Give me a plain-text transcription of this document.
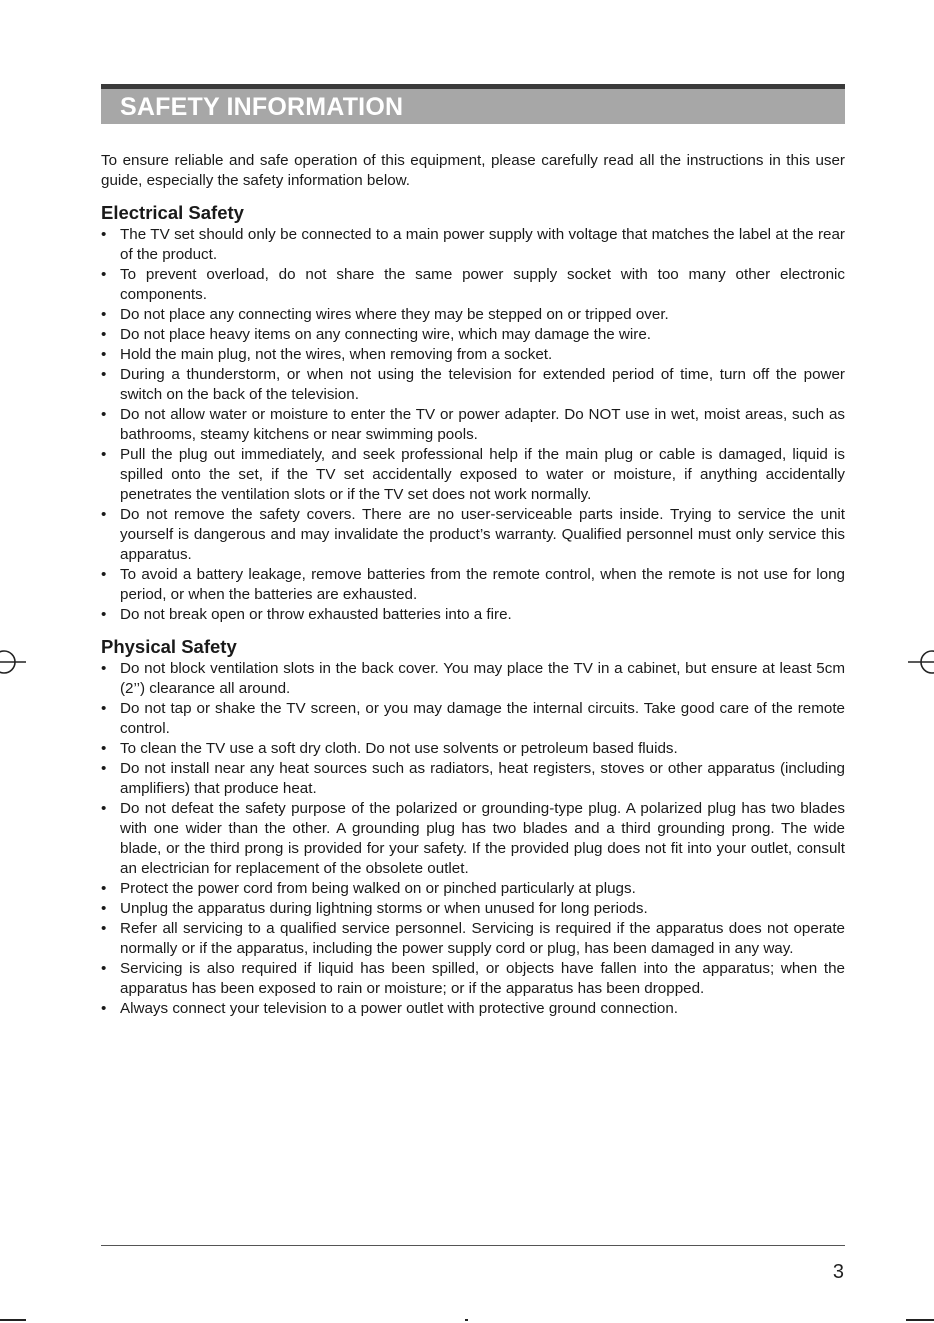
SAFETY INFORMATION

To ensure reliable and safe operation of this equipment, please carefully read all the instructions in this user guide, especially the safety information below.

Electrical Safety
• The TV set should only be connected to a main power supply with voltage that matches the label at the rear of the product.
• To prevent overload, do not share the same power supply socket with too many other electronic components.
• Do not place any connecting wires where they may be stepped on or tripped over.
• Do not place heavy items on any connecting wire, which may damage the wire.
• Hold the main plug, not the wires, when removing from a socket.
• During a thunderstorm, or when not using the television for extended period of time, turn off the power switch on the back of the television.
• Do not allow water or moisture to enter the TV or power adapter. Do NOT use in wet, moist areas, such as bathrooms, steamy kitchens or near swimming pools.
• Pull the plug out immediately, and seek professional help if the main plug or cable is damaged, liquid is spilled onto the set, if the TV set accidentally exposed to water or moisture, if anything accidentally penetrates the ventilation slots or if the TV set does not work normally.
• Do not remove the safety covers. There are no user-serviceable parts inside. Trying to service the unit yourself is dangerous and may invalidate the product’s warranty. Qualified personnel must only service this apparatus.
• To avoid a battery leakage, remove batteries from the remote control, when the remote is not use for long period, or when the batteries are exhausted.
• Do not break open or throw exhausted batteries into a fire.
Physical Safety
• Do not block ventilation slots in the back cover. You may place the TV in a cabinet, but ensure at least 5cm (2’’) clearance all around.
• Do not tap or shake the TV screen, or you may damage the internal circuits. Take good care of the remote control.
• To clean the TV use a soft dry cloth. Do not use solvents or petroleum based fluids.
• Do not install near any heat sources such as radiators, heat registers, stoves or other apparatus (including amplifiers) that produce heat.
• Do not defeat the safety purpose of the polarized or grounding-type plug. A polarized plug has two blades with one wider than the other. A grounding plug has two blades and a third grounding prong. The wide blade, or the third prong is provided for your safety. If the provided plug does not fit into your outlet, consult an electrician for replacement of the obsolete outlet.
• Protect the power cord from being walked on or pinched particularly at plugs.
• Unplug the apparatus during lightning storms or when unused for long periods.
• Refer all servicing to a qualified service personnel. Servicing is required if the apparatus does not operate normally or if the apparatus, including the power supply cord or plug, has been damaged in any way.
• Servicing is also required if liquid has been spilled, or objects have fallen into the apparatus; when the apparatus has been exposed to rain or moisture; or if the apparatus has been dropped.
• Always connect your television to a power outlet with protective ground connection.
3
